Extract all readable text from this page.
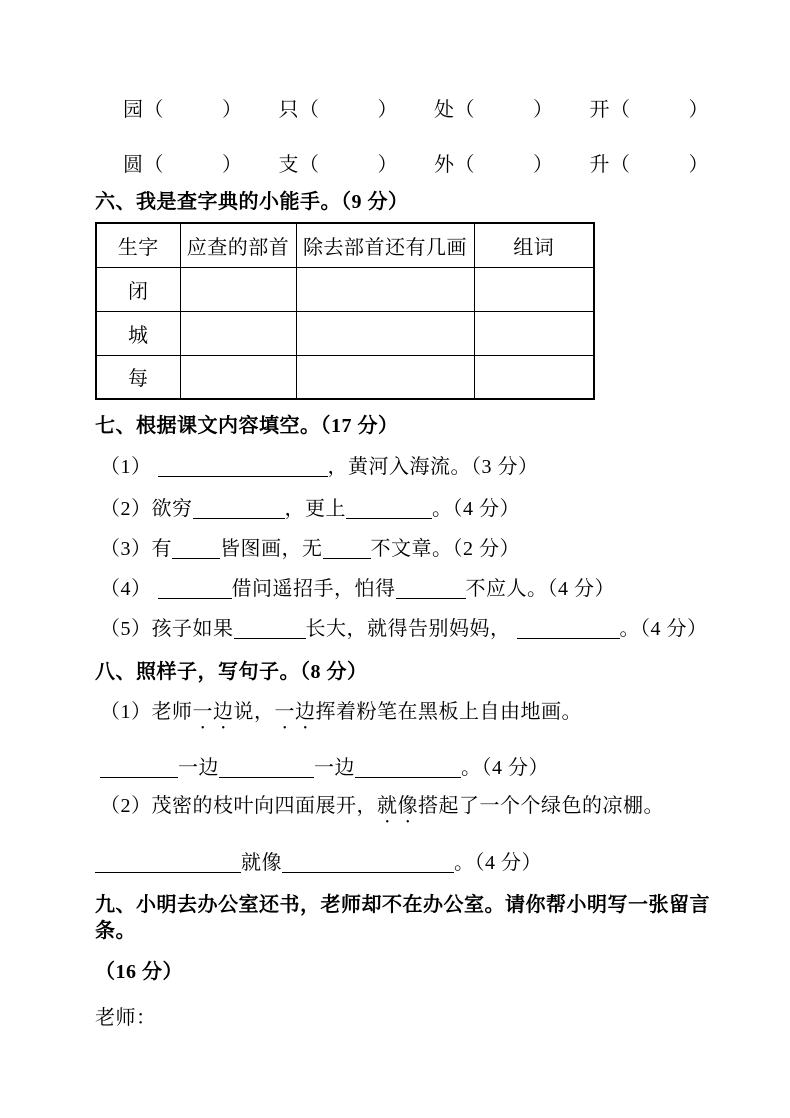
园（	） 只（	） 处（	） 开（	）
圆（	） 支（	） 外（	） 升（	）
六、我是查字典的小能手。（9 分）
生字	应查的部首	除去部首还有几画	组词
闭			
城			
每			
七、根据课文内容填空。（17 分）
（1）	，黄河入海流。（3 分）
（2）欲穷	，更上	。（4 分）
（3）有 皆图画，无 不文章。（2 分）
（4）	借问遥招手，怕得	不应人。（4 分）
（5）孩子如果	长大，就得告别妈妈，	。（4 分）
八、照样子，写句子。（8 分）
（1）老师一边说，一边挥着粉笔在黑板上自由地画。
一边	一边	。（4 分）
（2）茂密的枝叶向四面展开，就像搭起了一个个绿色的凉棚。
就像	。（4 分）
九、小明去办公室还书，老师却不在办公室。请你帮小明写一张留言条。
（16 分）
老师：
